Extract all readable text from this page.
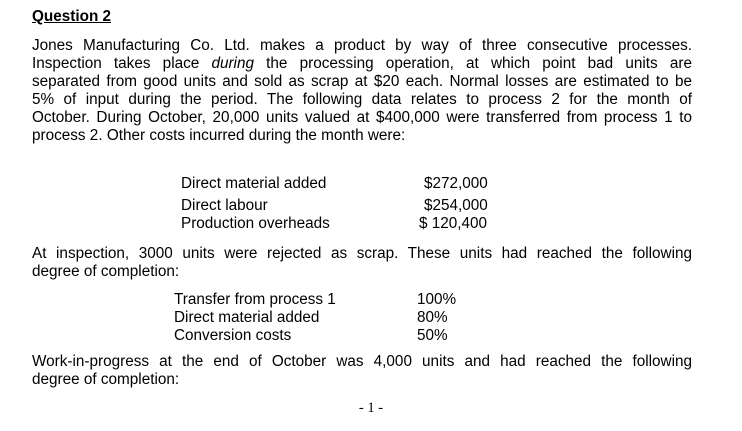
Question 2
Jones Manufacturing Co. Ltd. makes a product by way of three consecutive processes.
Inspection takes place during the processing operation, at which point bad units are
separated from good units and sold as scrap at $20 each. Normal losses are estimated to be
5% of input during the period. The following data relates to process 2 for the month of
October. During October, 20,000 units valued at $400,000 were transferred from process 1 to
process 2. Other costs incurred during the month were:
Direct material added	$272,000
Direct labour	$254,000
Production overheads	$ 120,400
At inspection, 3000 units were rejected as scrap. These units had reached the following
degree of completion:
Transfer from process 1	100%
Direct material added	80%
Conversion costs	50%
Work-in-progress at the end of October was 4,000 units and had reached the following
degree of completion:
- 1 -
